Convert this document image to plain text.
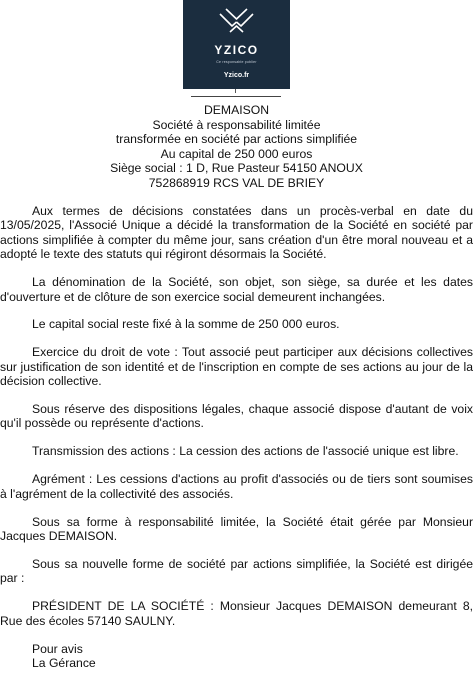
YZICO
Ce responsable publier
Yzico.fr
DEMAISON
Société à responsabilité limitée
transformée en société par actions simplifiée
Au capital de 250 000 euros
Siège social : 1 D, Rue Pasteur 54150 ANOUX
752868919 RCS VAL DE BRIEY

Aux termes de décisions constatées dans un procès-verbal en date du 13/05/2025, l'Associé Unique a décidé la transformation de la Société en société par actions simplifiée à compter du même jour, sans création d'un être moral nouveau et a adopté le texte des statuts qui régiront désormais la Société.

La dénomination de la Société, son objet, son siège, sa durée et les dates d'ouverture et de clôture de son exercice social demeurent inchangées.

Le capital social reste fixé à la somme de 250 000 euros.

Exercice du droit de vote : Tout associé peut participer aux décisions collectives sur justification de son identité et de l'inscription en compte de ses actions au jour de la décision collective.

Sous réserve des dispositions légales, chaque associé dispose d'autant de voix qu'il possède ou représente d'actions.

Transmission des actions : La cession des actions de l'associé unique est libre.

Agrément : Les cessions d'actions au profit d'associés ou de tiers sont soumises à l'agrément de la collectivité des associés.

Sous sa forme à responsabilité limitée, la Société était gérée par Monsieur Jacques DEMAISON.

Sous sa nouvelle forme de société par actions simplifiée, la Société est dirigée par :

PRÉSIDENT DE LA SOCIÉTÉ : Monsieur Jacques DEMAISON demeurant 8, Rue des écoles 57140 SAULNY.

Pour avis
La Gérance
